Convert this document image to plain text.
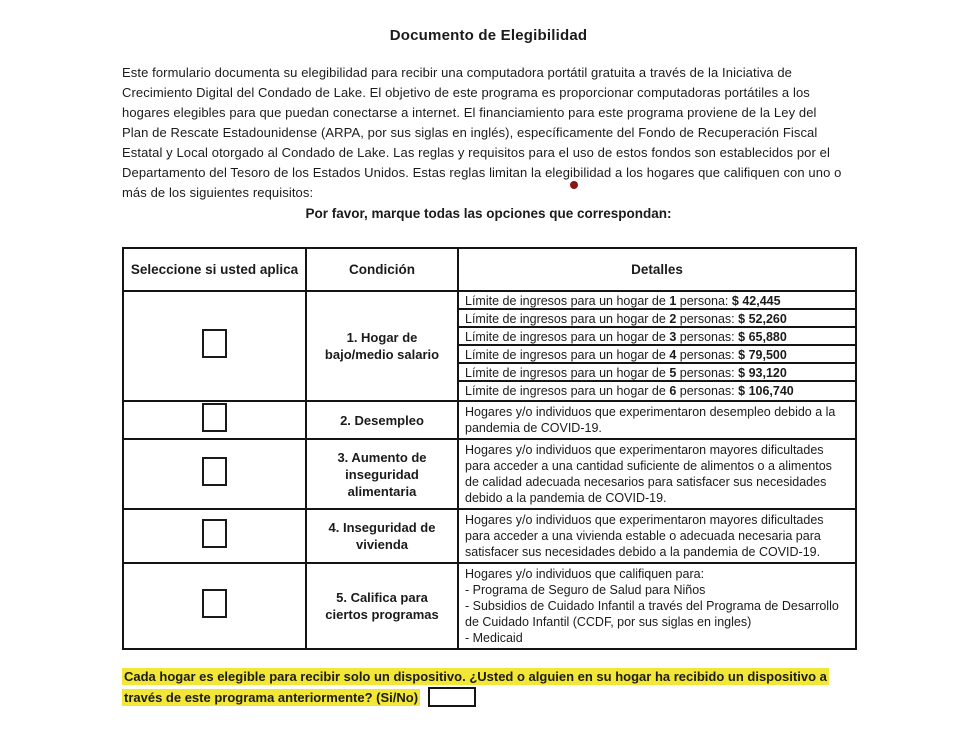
Documento de Elegibilidad
Este formulario documenta su elegibilidad para recibir una computadora portátil gratuita a través de la Iniciativa de Crecimiento Digital del Condado de Lake. El objetivo de este programa es proporcionar computadoras portátiles a los hogares elegibles para que puedan conectarse a internet. El financiamiento para este programa proviene de la Ley del Plan de Rescate Estadounidense (ARPA, por sus siglas en inglés), específicamente del Fondo de Recuperación Fiscal Estatal y Local otorgado al Condado de Lake. Las reglas y requisitos para el uso de estos fondos son establecidos por el Departamento del Tesoro de los Estados Unidos. Estas reglas limitan la elegibilidad a los hogares que califiquen con uno o más de los siguientes requisitos:
Por favor, marque todas las opciones que correspondan:
Seleccione si usted aplica	Condición	Detalles
	1. Hogar de bajo/medio salario	
Límite de ingresos para un hogar de 1 persona: $ 42,445
Límite de ingresos para un hogar de 2 personas: $ 52,260
Límite de ingresos para un hogar de 3 personas: $ 65,880
Límite de ingresos para un hogar de 4 personas: $ 79,500
Límite de ingresos para un hogar de 5 personas: $ 93,120
Límite de ingresos para un hogar de 6 personas: $ 106,740

	2. Desempleo	Hogares y/o individuos que experimentaron desempleo debido a la pandemia de COVID-19.
	3. Aumento de inseguridad alimentaria	Hogares y/o individuos que experimentaron mayores dificultades para acceder a una cantidad suficiente de alimentos o a alimentos de calidad adecuada necesarios para satisfacer sus necesidades debido a la pandemia de COVID-19.
	4. Inseguridad de vivienda	Hogares y/o individuos que experimentaron mayores dificultades para acceder a una vivienda estable o adecuada necesaria para satisfacer sus necesidades debido a la pandemia de COVID-19.
	5. Califica para ciertos programas	Hogares y/o individuos que califiquen para:
- Programa de Seguro de Salud para Niños
- Subsidios de Cuidado Infantil a través del Programa de Desarrollo de Cuidado Infantil (CCDF, por sus siglas en ingles)
- Medicaid
Cada hogar es elegible para recibir solo un dispositivo. ¿Usted o alguien en su hogar ha recibido un dispositivo a través de este programa anteriormente? (Si/No)
